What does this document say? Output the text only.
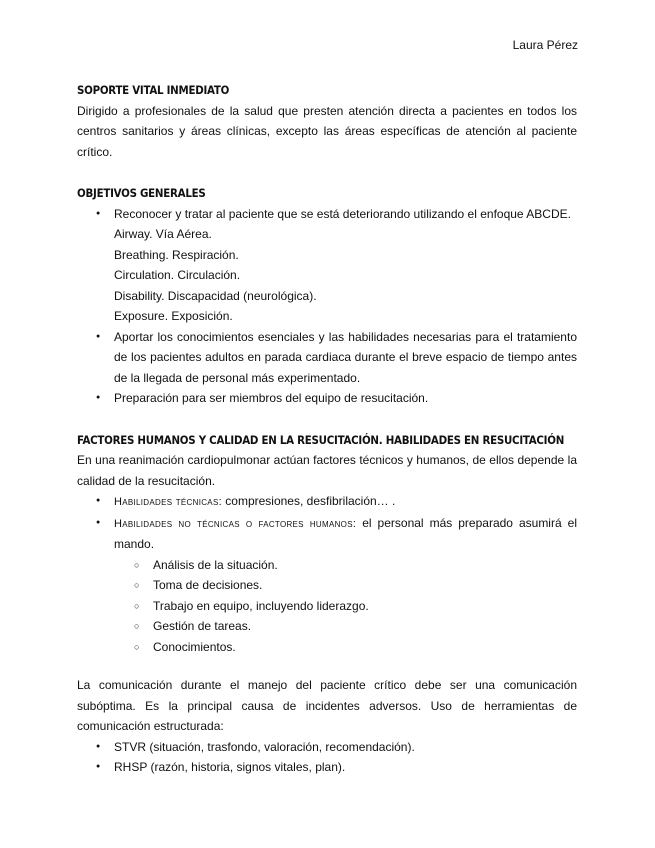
Laura Pérez
SOPORTE VITAL INMEDIATO

Dirigido a profesionales de la salud que presten atención directa a pacientes en todos los centros sanitarios y áreas clínicas, excepto las áreas específicas de atención al paciente crítico.

OBJETIVOS GENERALES
● Reconocer y tratar al paciente que se está deteriorando utilizando el enfoque ABCDE.
Airway. Vía Aérea.
Breathing. Respiración.
Circulation. Circulación.
Disability. Discapacidad (neurológica).
Exposure. Exposición.
● Aportar los conocimientos esenciales y las habilidades necesarias para el tratamiento de los pacientes adultos en parada cardiaca durante el breve espacio de tiempo antes de la llegada de personal más experimentado.
● Preparación para ser miembros del equipo de resucitación.
FACTORES HUMANOS Y CALIDAD EN LA RESUCITACIÓN. HABILIDADES EN RESUCITACIÓN

En una reanimación cardiopulmonar actúan factores técnicos y humanos, de ellos depende la calidad de la resucitación.

● Habilidades técnicas: compresiones, desfibrilación… .
● Habilidades no técnicas o factores humanos: el personal más preparado asumirá el mando.
○ Análisis de la situación.
○ Toma de decisiones.
○ Trabajo en equipo, incluyendo liderazgo.
○ Gestión de tareas.
○ Conocimientos.

La comunicación durante el manejo del paciente crítico debe ser una comunicación subóptima. Es la principal causa de incidentes adversos. Uso de herramientas de comunicación estructurada:

● STVR (situación, trasfondo, valoración, recomendación).
● RHSP (razón, historia, signos vitales, plan).
